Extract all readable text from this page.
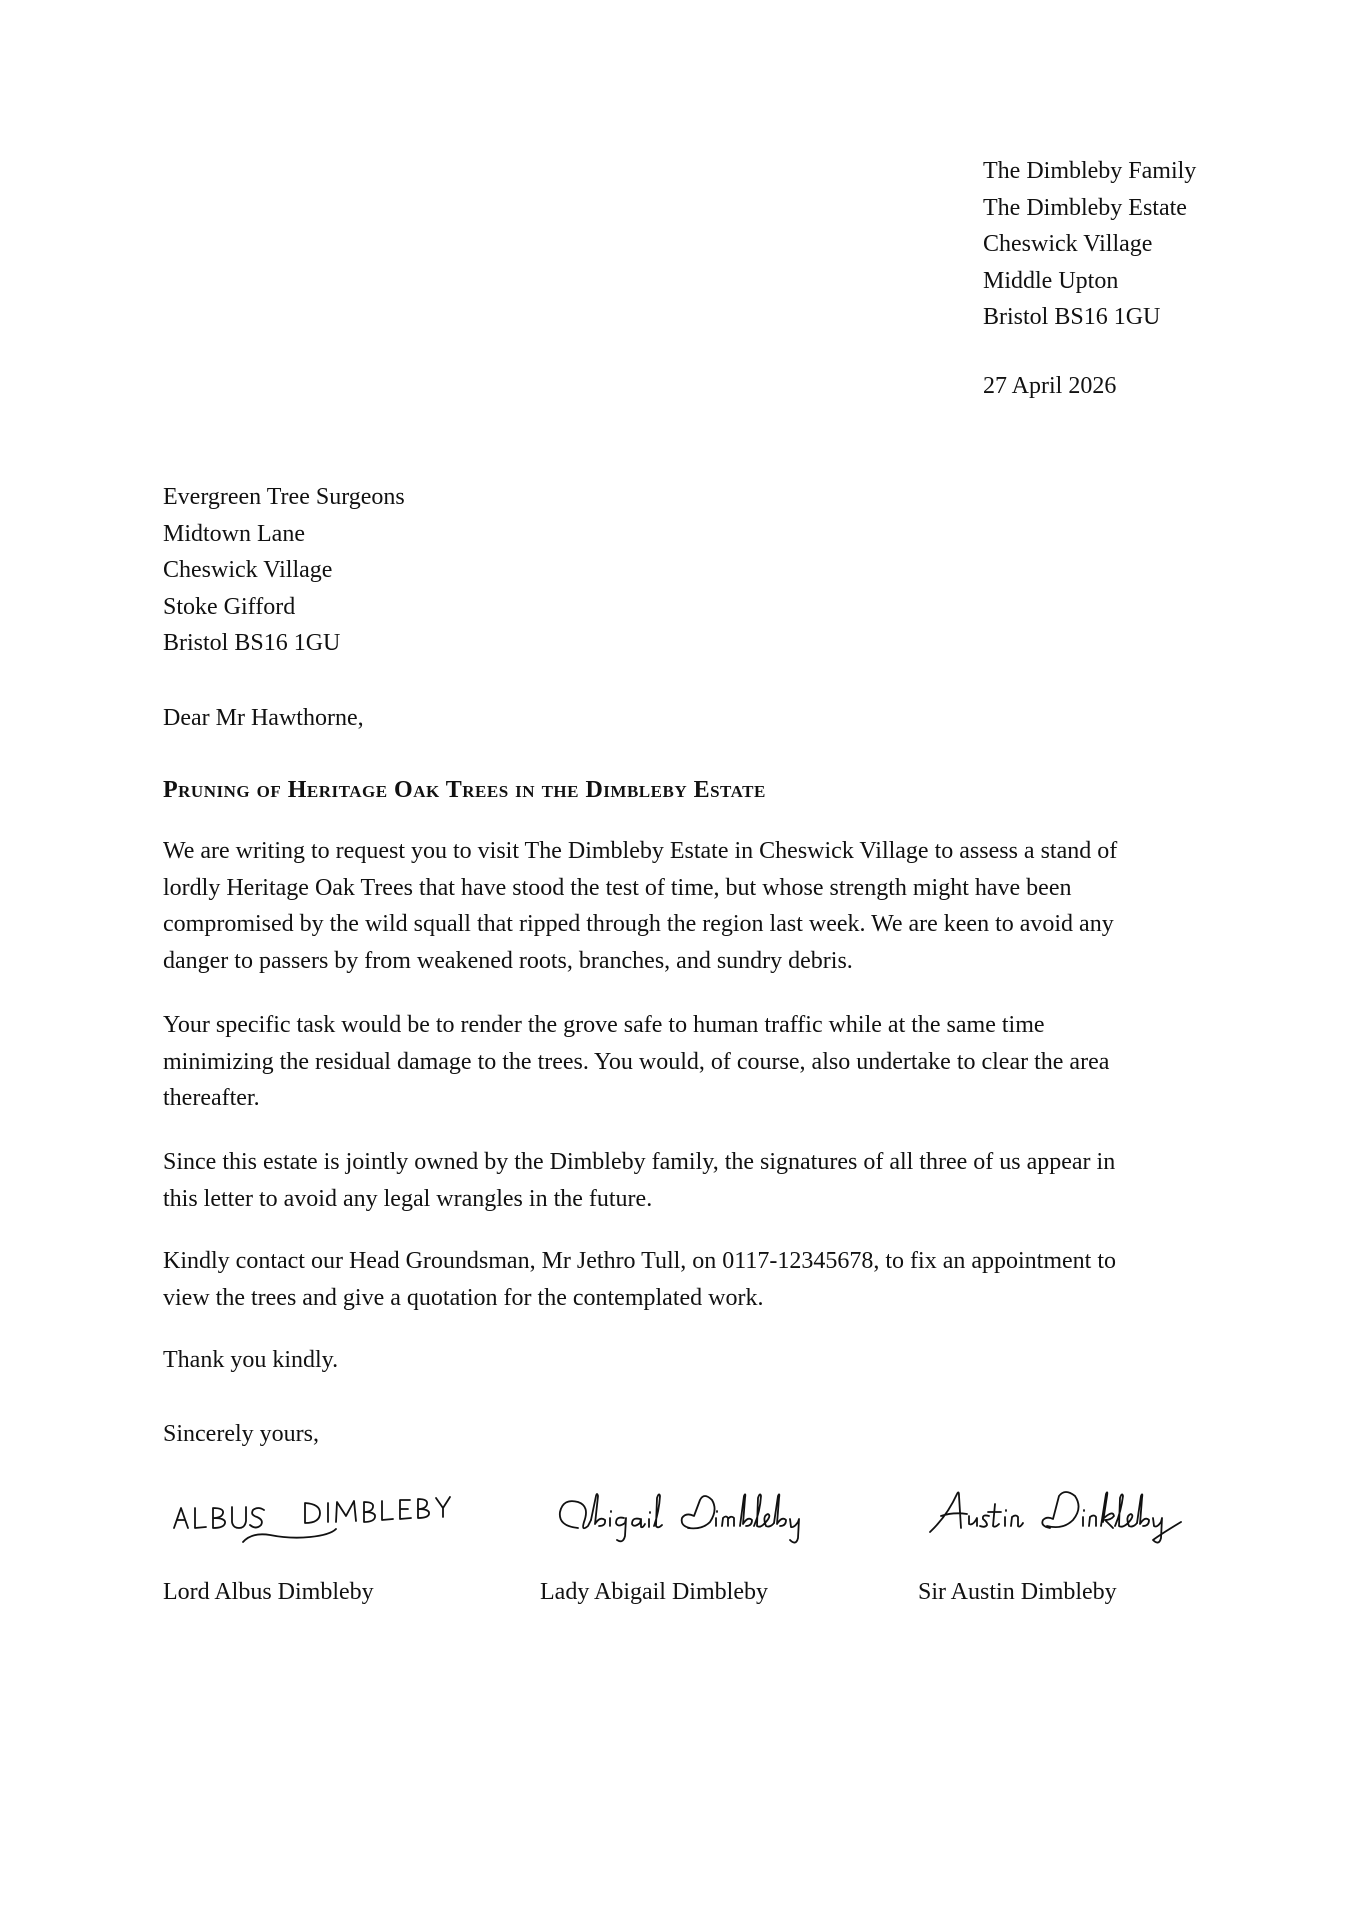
The Dimbleby Family
The Dimbleby Estate
Cheswick Village
Middle Upton
Bristol BS16 1GU
27 April 2026
Evergreen Tree Surgeons
Midtown Lane
Cheswick Village
Stoke Gifford
Bristol BS16 1GU
Dear Mr Hawthorne,
Pruning of Heritage Oak Trees in the Dimbleby Estate
We are writing to request you to visit The Dimbleby Estate in Cheswick Village to assess a stand of
lordly Heritage Oak Trees that have stood the test of time, but whose strength might have been
compromised by the wild squall that ripped through the region last week. We are keen to avoid any
danger to passers by from weakened roots, branches, and sundry debris.
Your specific task would be to render the grove safe to human traffic while at the same time
minimizing the residual damage to the trees. You would, of course, also undertake to clear the area
thereafter.
Since this estate is jointly owned by the Dimbleby family, the signatures of all three of us appear in
this letter to avoid any legal wrangles in the future.
Kindly contact our Head Groundsman, Mr Jethro Tull, on 0117-12345678, to fix an appointment to
view the trees and give a quotation for the contemplated work.
Thank you kindly.
Sincerely yours,
Lord Albus Dimbleby	Lady Abigail Dimbleby	Sir Austin Dimbleby
